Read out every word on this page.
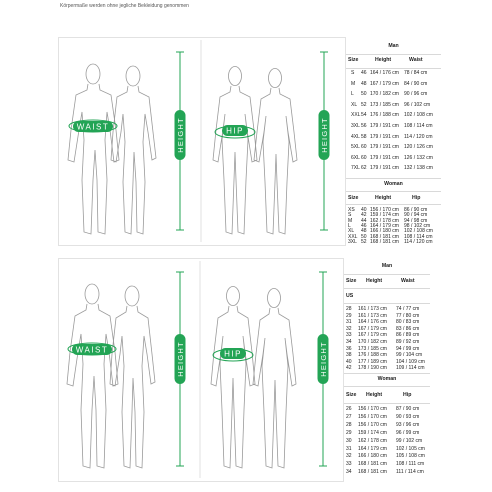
Körpermaße werden ohne jegliche Bekleidung genommen
WAIST	HEIGHT	HIP	HEIGHT
Man
Size	Height	Waist
S 46 164 / 176 cm 78 / 84 cm
M 48 167 / 179 cm 84 / 90 cm
L 50 170 / 182 cm 90 / 96 cm
XL 52 173 / 185 cm 96 / 102 cm
XXL 54 176 / 188 cm 102 / 108 cm
3XL 56 179 / 191 cm 108 / 114 cm
4XL 58 179 / 191 cm 114 / 120 cm
5XL 60 179 / 191 cm 120 / 126 cm
6XL 60 179 / 191 cm 126 / 132 cm
7XL 62 179 / 191 cm 132 / 138 cm
Woman
Size	Height	Hip
XS 40 156 / 170 cm 86 / 90 cm
S 42 159 / 174 cm 90 / 94 cm
M 44 162 / 178 cm 94 / 98 cm
L 46 164 / 179 cm 98 / 102 cm
XL 48 166 / 180 cm 102 / 108 cm
XXL 50 168 / 181 cm 108 / 114 cm
3XL 52 168 / 181 cm 114 / 120 cm
WAIST	HEIGHT	HIP	HEIGHT
Man
Size Height	Waist
US
28 161 / 173 cm 74 / 77 cm
29 161 / 173 cm 77 / 80 cm
31 164 / 176 cm 80 / 83 cm
32 167 / 179 cm 83 / 86 cm
33 167 / 179 cm 86 / 89 cm
34 170 / 182 cm 89 / 92 cm
36 173 / 185 cm 94 / 99 cm
38 176 / 188 cm 99 / 104 cm
40 177 / 189 cm 104 / 109 cm
42 178 / 190 cm 109 / 114 cm
Woman
Size Height	Hip
26 156 / 170 cm 87 / 90 cm
27 156 / 170 cm 90 / 93 cm
28 156 / 170 cm 93 / 96 cm
29 159 / 174 cm 96 / 99 cm
30 162 / 178 cm 99 / 102 cm
31 164 / 179 cm 102 / 105 cm
32 166 / 180 cm 105 / 108 cm
33 168 / 181 cm 108 / 111 cm
34 168 / 181 cm 111 / 114 cm
